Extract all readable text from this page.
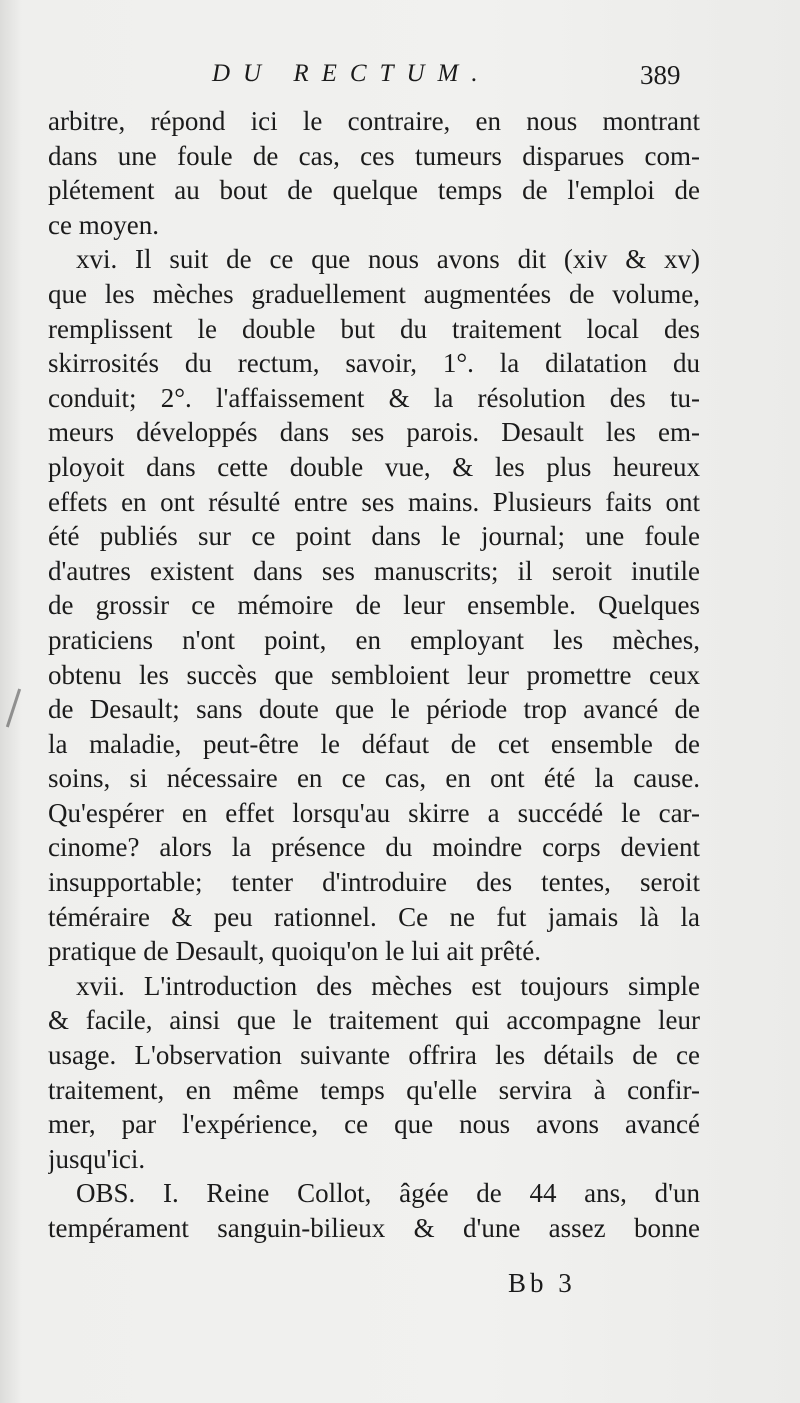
DU RECTUM.	389
arbitre, répond ici le contraire, en nous montrant
dans une foule de cas, ces tumeurs disparues com-
plétement au bout de quelque temps de l'emploi de
ce moyen.
xvi. Il suit de ce que nous avons dit (xiv & xv)
que les mèches graduellement augmentées de volume,
remplissent le double but du traitement local des
skirrosités du rectum, savoir, 1°. la dilatation du
conduit; 2°. l'affaissement & la résolution des tu-
meurs développés dans ses parois. Desault les em-
ployoit dans cette double vue, & les plus heureux
effets en ont résulté entre ses mains. Plusieurs faits ont
été publiés sur ce point dans le journal; une foule
d'autres existent dans ses manuscrits; il seroit inutile
de grossir ce mémoire de leur ensemble. Quelques
praticiens n'ont point, en employant les mèches,
obtenu les succès que sembloient leur promettre ceux
de Desault; sans doute que le période trop avancé de
la maladie, peut-être le défaut de cet ensemble de
soins, si nécessaire en ce cas, en ont été la cause.
Qu'espérer en effet lorsqu'au skirre a succédé le car-
cinome? alors la présence du moindre corps devient
insupportable; tenter d'introduire des tentes, seroit
téméraire & peu rationnel. Ce ne fut jamais là la
pratique de Desault, quoiqu'on le lui ait prêté.
xvii. L'introduction des mèches est toujours simple
& facile, ainsi que le traitement qui accompagne leur
usage. L'observation suivante offrira les détails de ce
traitement, en même temps qu'elle servira à confir-
mer, par l'expérience, ce que nous avons avancé
jusqu'ici.
OBS. I. Reine Collot, âgée de 44 ans, d'un
tempérament sanguin-bilieux & d'une assez bonne
Bb 3
